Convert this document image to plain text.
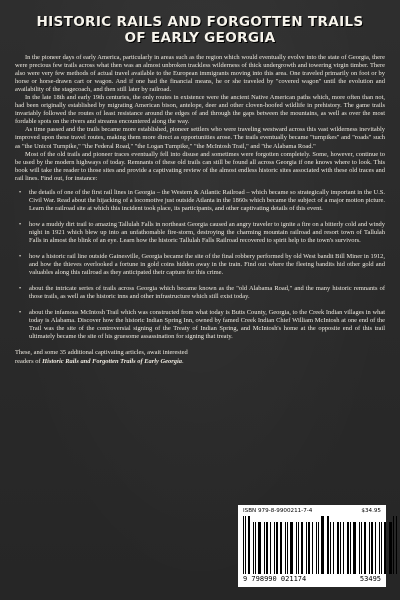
HISTORIC RAILS AND FORGOTTEN TRAILS
OF EARLY GEORGIA

In the pioneer days of early America, particularly in areas such as the region which would eventually evolve into the state of Georgia, there were precious few trails across what then was an almost unbroken trackless wilderness of thick undergrowth and towering virgin timber. There also were very few methods of actual travel available to the European immigrants moving into this area. One traveled primarily on foot or by horse or horse-drawn cart or wagon. And if one had the financial means, he or she traveled by "covered wagon" until the evolution and availability of the stagecoach, and then still later by railroad.

In the late 18th and early 19th centuries, the only routes in existence were the ancient Native American paths which, more often than not, had been originally established by migrating American bison, antelope, deer and other cloven-hoofed wildlife in prehistory. The game trails invariably followed the routes of least resistance around the edges of and through the gaps between the mountains, as well as over the most fordable spots on the rivers and streams encountered along the way.

As time passed and the trails became more established, pioneer settlers who were traveling westward across this vast wilderness inevitably improved upon these travel routes, making them more direct as opportunities arose. The trails eventually became "turnpikes" and "roads" such as "the Unicoi Turnpike," "the Federal Road," "the Logan Turnpike," "the McIntosh Trail," and "the Alabama Road."

Most of the old trails and pioneer traces eventually fell into disuse and sometimes were forgotten completely. Some, however, continue to be used by the modern highways of today. Remnants of these old trails can still be found all across Georgia if one knows where to look. This book will take the reader to those sites and provide a captivating review of the almost endless historic sites associated with these old traces and rail lines. Find out, for instance:

• the details of one of the first rail lines in Georgia – the Western & Atlantic Railroad – which became so strategically important in the U.S. Civil War. Read about the hijacking of a locomotive just outside Atlanta in the 1860s which became the subject of a major motion picture. Learn the railroad site at which this incident took place, its participants, and other captivating details of this event.
• how a muddy dirt trail to amazing Tallulah Falls in northeast Georgia caused an angry traveler to ignite a fire on a bitterly cold and windy night in 1921 which blew up into an unfathomable fire-storm, destroying the charming mountain railroad and resort town of Tallulah Falls in almost the blink of an eye. Learn how the historic Tallulah Falls Railroad recovered to spirit help to the town's survivors.
• how a historic rail line outside Gainesville, Georgia became the site of the final robbery performed by old West bandit Bill Miner in 1912, and how the thieves overlooked a fortune in gold coins hidden away in the train. Find out where the fleeing bandits hid other gold and valuables along this railroad as they anticipated their capture for this crime.
• about the intricate series of trails across Georgia which became known as the "old Alabama Road," and the many historic remnants of those trails, as well as the historic inns and other infrastructure which still exist today.
• about the infamous McIntosh Trail which was constructed from what today is Butts County, Georgia, to the Creek Indian villages in what today is Alabama. Discover how the historic Indian Spring Inn, owned by famed Creek Indian Chief William McIntosh at one end of the Trail was the site of the controversial signing of the Treaty of Indian Spring, and McIntosh's home at the opposite end of this trail ultimately became the site of his gruesome assassination for signing that treaty.
These, and some 35 additional captivating articles, await interested readers of Historic Rails and Forgotten Trails of Early Georgia.
ISBN 979-8-9900211-7-4	$34.95
9 798990 021174	53495
